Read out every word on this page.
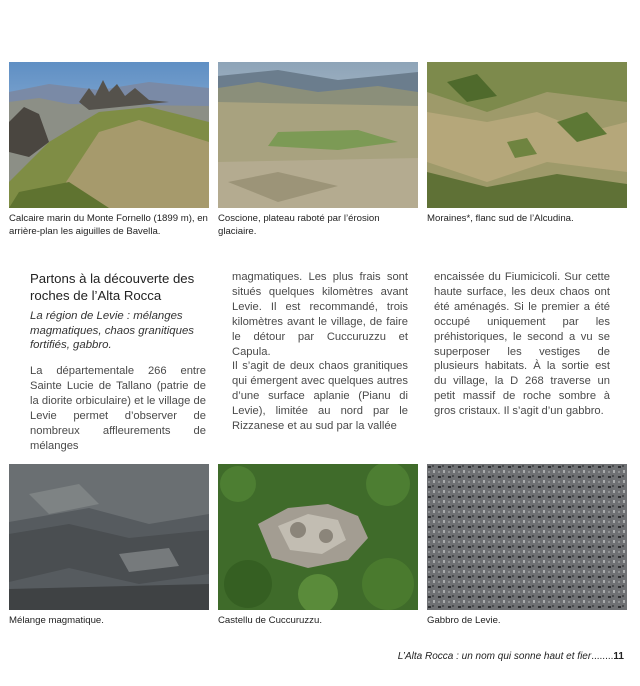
Calcaire marin du Monte Fornello (1899 m), en arrière-plan les aiguilles de Bavella.
Coscione, plateau raboté par l’érosion glaciaire.
Moraines*, flanc sud de l’Alcudina.
Partons à la découverte des roches de l’Alta Rocca
La région de Levie : mélanges magmatiques, chaos granitiques fortifiés, gabbro.

La départementale 266 entre Sainte Lucie de Tallano (patrie de la diorite orbiculaire) et le village de Levie permet d’observer de nombreux affleurements de mélanges

magmatiques. Les plus frais sont situés quelques kilomètres avant Levie. Il est recommandé, trois kilomètres avant le village, de faire le détour par Cuccuruzzu et Capula.

Il s’agit de deux chaos granitiques qui émergent avec quelques autres d’une surface aplanie (Pianu di Levie), limitée au nord par le Rizzanese et au sud par la vallée

encaissée du Fiumicicoli. Sur cette haute surface, les deux chaos ont été aménagés. Si le premier a été occupé uniquement par les préhistoriques, le second a vu se superposer les vestiges de plusieurs habitats. À la sortie est du village, la D 268 traverse un petit massif de roche sombre à gros cristaux. Il s’agit d’un gabbro.

Mélange magmatique.	Castellu de Cuccuruzzu.	Gabbro de Levie.
L’Alta Rocca : un nom qui sonne haut et fier........11
